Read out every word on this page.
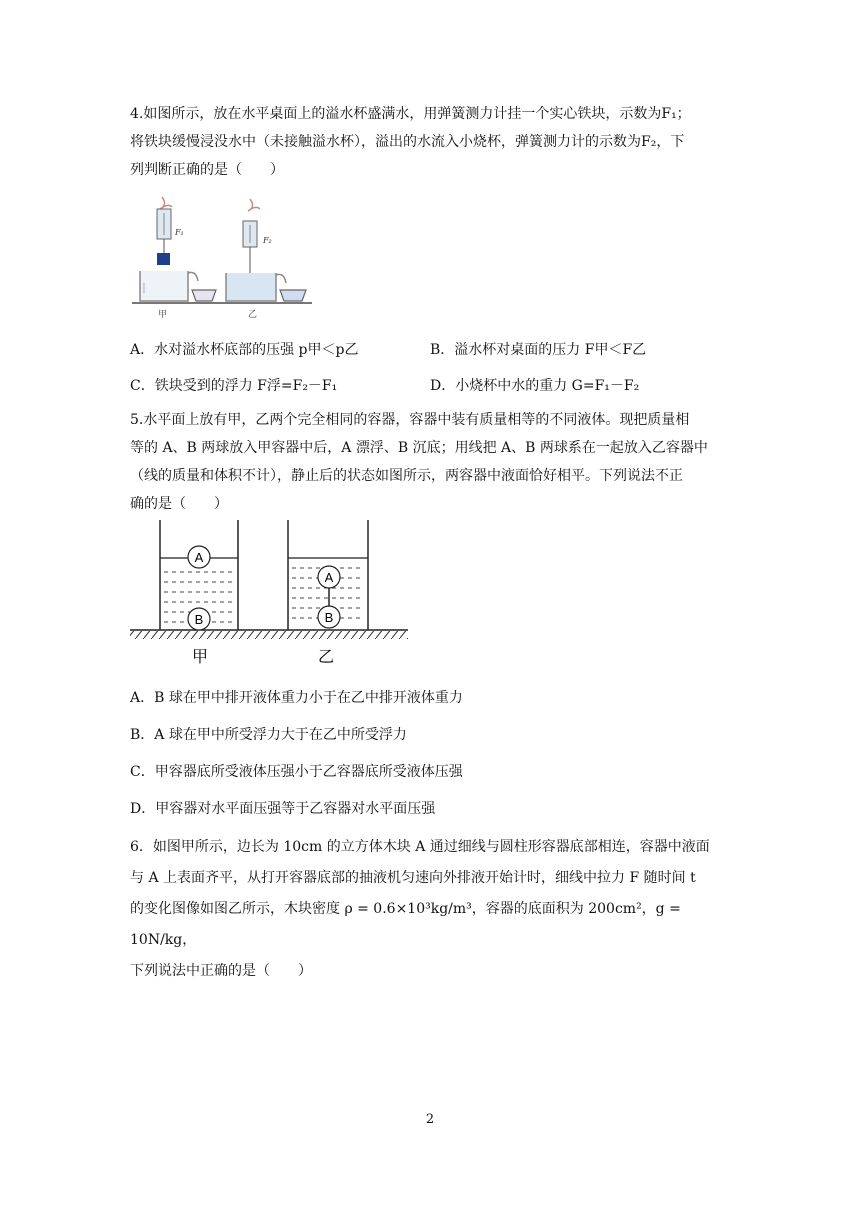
4.如图所示，放在水平桌面上的溢水杯盛满水，用弹簧测力计挂一个实心铁块，示数为F₁；
将铁块缓慢浸没水中（未接触溢水杯），溢出的水流入小烧杯，弹簧测力计的示数为F₂，下
列判断正确的是（　　）

F₁
甲
F₂
乙
A．水对溢水杯底部的压强 p甲＜p乙	B．溢水杯对桌面的压力 F甲＜F乙
C．铁块受到的浮力 F浮=F₂－F₁	D．小烧杯中水的重力 G=F₁－F₂

5.水平面上放有甲，乙两个完全相同的容器，容器中装有质量相等的不同液体。现把质量相
等的 A、B 两球放入甲容器中后，A 漂浮、B 沉底；用线把 A、B 两球系在一起放入乙容器中
（线的质量和体积不计），静止后的状态如图所示，两容器中液面恰好相平。下列说法不正
确的是（　　）

A
B
A
B
甲	乙
A．B 球在甲中排开液体重力小于在乙中排开液体重力
B．A 球在甲中所受浮力大于在乙中所受浮力
C．甲容器底所受液体压强小于乙容器底所受液体压强
D．甲容器对水平面压强等于乙容器对水平面压强

6．如图甲所示，边长为 10cm 的立方体木块 A 通过细线与圆柱形容器底部相连，容器中液面
与 A 上表面齐平，从打开容器底部的抽液机匀速向外排液开始计时，细线中拉力 F 随时间 t
的变化图像如图乙所示，木块密度 ρ = 0.6×10³kg/m³，容器的底面积为 200cm²，g = 10N/kg，
下列说法中正确的是（　　）

2
